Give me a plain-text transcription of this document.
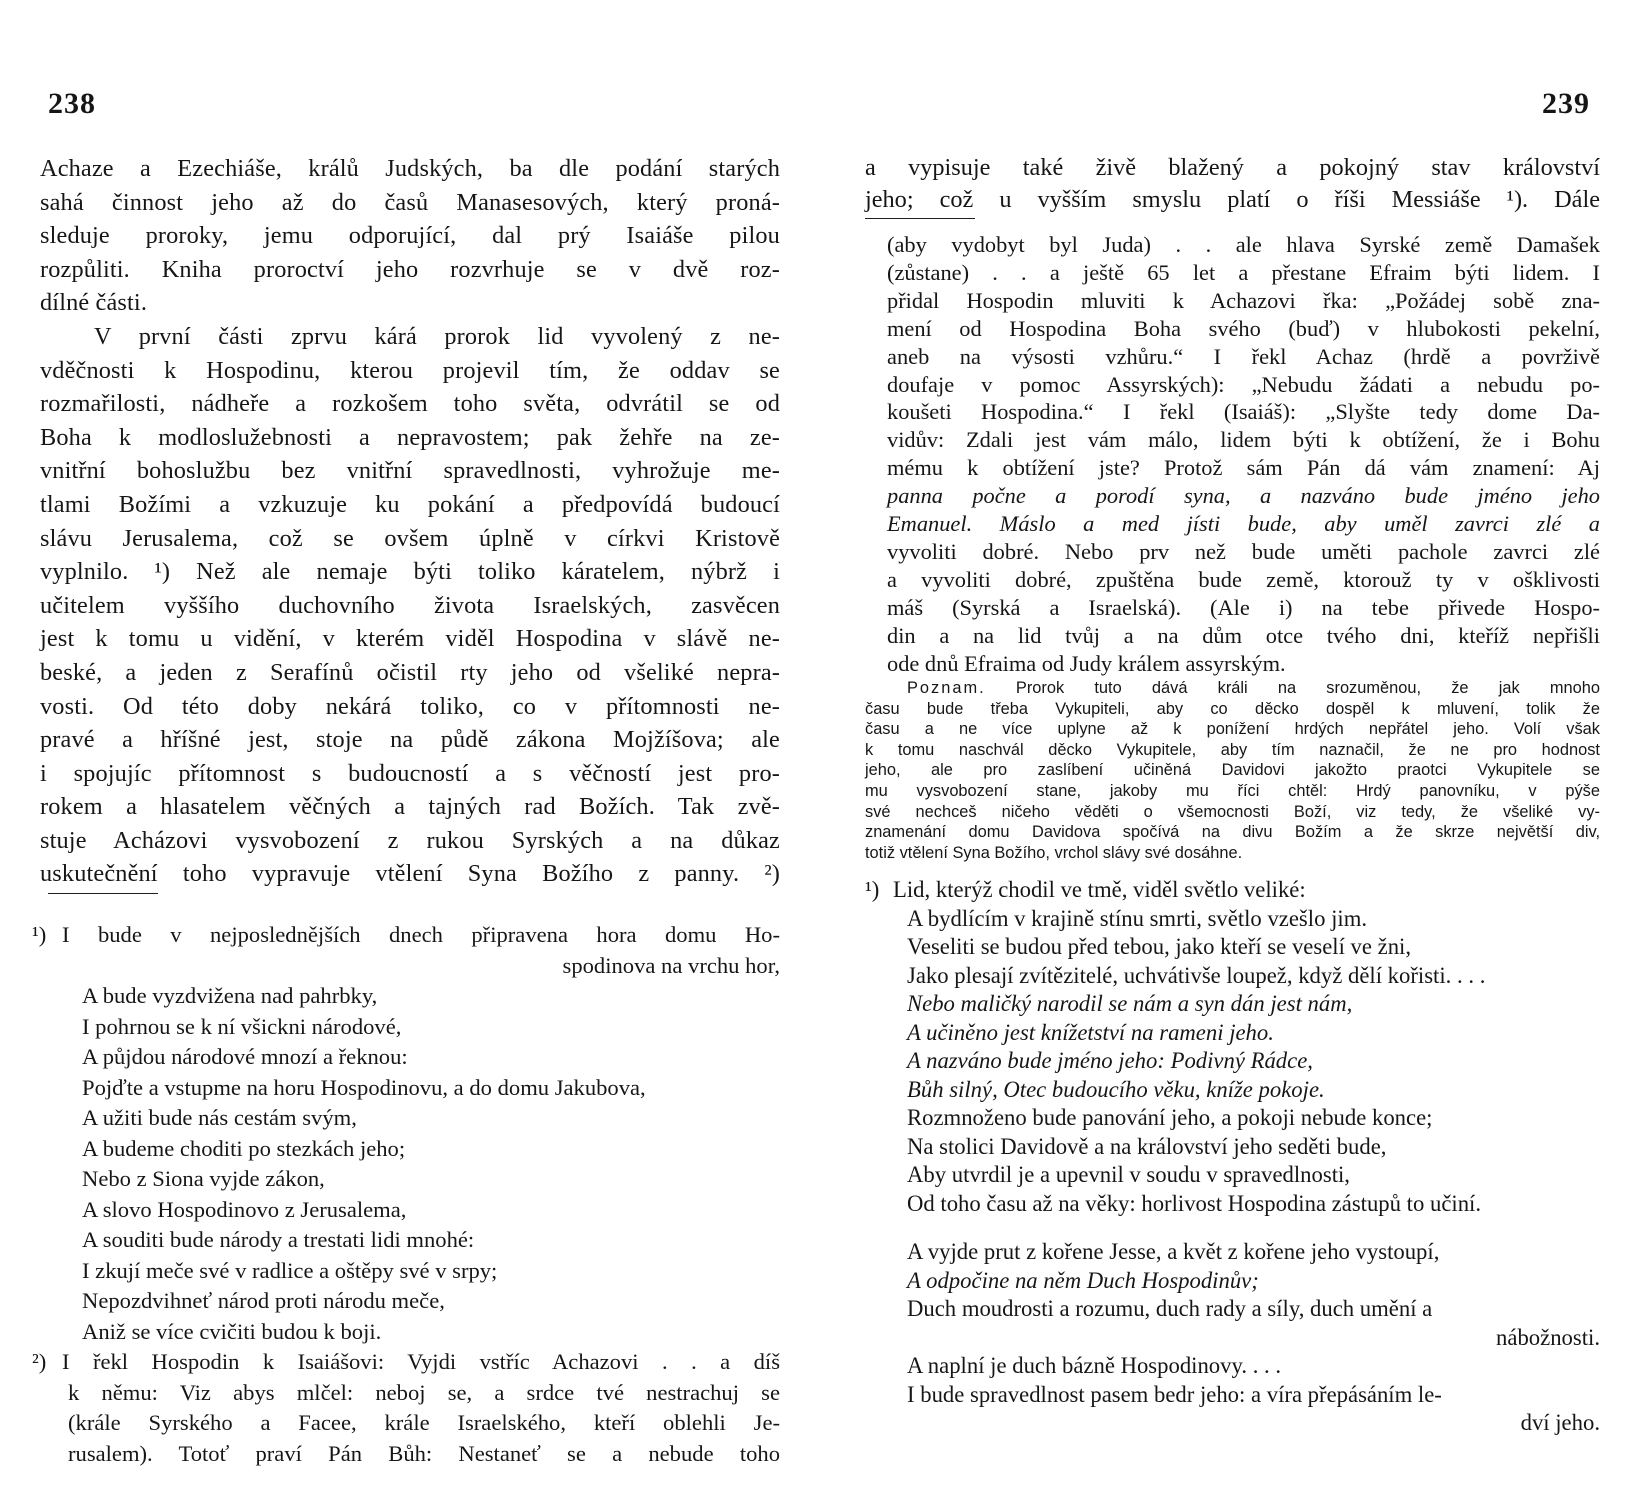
238
Achaze a Ezechiáše, králů Judských, ba dle podání starých
sahá činnost jeho až do časů Manasesových, který proná-
sleduje proroky, jemu odporující, dal prý Isaiáše pilou
rozpůliti. Kniha proroctví jeho rozvrhuje se v dvě roz-
dílné části.
V první části zprvu kárá prorok lid vyvolený z ne-
vděčnosti k Hospodinu, kterou projevil tím, že oddav se
rozmařilosti, nádheře a rozkošem toho světa, odvrátil se od
Boha k modloslužebnosti a nepravostem; pak žehře na ze-
vnitřní bohoslužbu bez vnitřní spravedlnosti, vyhrožuje me-
tlami Božími a vzkuzuje ku pokání a předpovídá budoucí
slávu Jerusalema, což se ovšem úplně v církvi Kristově
vyplnilo. ¹) Než ale nemaje býti toliko káratelem, nýbrž i
učitelem vyššího duchovního života Israelských, zasvěcen
jest k tomu u vidění, v kterém viděl Hospodina v slávě ne-
beské, a jeden z Serafínů očistil rty jeho od všeliké nepra-
vosti. Od této doby nekárá toliko, co v přítomnosti ne-
pravé a hříšné jest, stoje na půdě zákona Mojžíšova; ale
i spojujíc přítomnost s budoucností a s věčností jest pro-
rokem a hlasatelem věčných a tajných rad Božích. Tak zvě-
stuje Acházovi vysvobození z rukou Syrských a na důkaz
uskutečnění toho vypravuje vtělení Syna Božího z panny. ²)
¹) I bude v nejposlednějších dnech připravena hora domu Ho-
spodinova na vrchu hor,
A bude vyzdvižena nad pahrbky,
I pohrnou se k ní všickni národové,
A půjdou národové mnozí a řeknou:
Pojďte a vstupme na horu Hospodinovu, a do domu Jakubova,
A užiti bude nás cestám svým,
A budeme choditi po stezkách jeho;
Nebo z Siona vyjde zákon,
A slovo Hospodinovo z Jerusalema,
A souditi bude národy a trestati lidi mnohé:
I zkují meče své v radlice a oštěpy své v srpy;
Nepozdvihneť národ proti národu meče,
Aniž se více cvičiti budou k boji.
²) I řekl Hospodin k Isaiášovi: Vyjdi vstříc Achazovi . . a díš
k němu: Viz abys mlčel: neboj se, a srdce tvé nestrachuj se
(krále Syrského a Facee, krále Israelského, kteří oblehli Je-
rusalem). Totoť praví Pán Bůh: Nestaneť se a nebude toho
239
a vypisuje také živě blažený a pokojný stav království
jeho; což u vyšším smyslu platí o říši Messiáše ¹). Dále
(aby vydobyt byl Juda) . . ale hlava Syrské země Damašek
(zůstane) . . a ještě 65 let a přestane Efraim býti lidem. I
přidal Hospodin mluviti k Achazovi řka: „Požádej sobě zna-
mení od Hospodina Boha svého (buď) v hlubokosti pekelní,
aneb na výsosti vzhůru.“ I řekl Achaz (hrdě a povrživě
doufaje v pomoc Assyrských): „Nebudu žádati a nebudu po-
koušeti Hospodina.“ I řekl (Isaiáš): „Slyšte tedy dome Da-
vidův: Zdali jest vám málo, lidem býti k obtížení, že i Bohu
mému k obtížení jste? Protož sám Pán dá vám znamení: Aj
panna počne a porodí syna, a nazváno bude jméno jeho
Emanuel. Máslo a med jísti bude, aby uměl zavrci zlé a
vyvoliti dobré. Nebo prv než bude uměti pachole zavrci zlé
a vyvoliti dobré, zpuštěna bude země, ktorouž ty v ošklivosti
máš (Syrská a Israelská). (Ale i) na tebe přivede Hospo-
din a na lid tvůj a na dům otce tvého dni, kteříž nepřišli
ode dnů Efraima od Judy králem assyrským.
Poznam. Prorok tuto dává králi na srozuměnou, že jak mnoho
času bude třeba Vykupiteli, aby co děcko dospěl k mluvení, tolik že
času a ne více uplyne až k ponížení hrdých nepřátel jeho. Volí však
k tomu naschvál děcko Vykupitele, aby tím naznačil, že ne pro hodnost
jeho, ale pro zaslíbení učiněná Davidovi jakožto praotci Vykupitele se
mu vysvobození stane, jakoby mu říci chtěl: Hrdý panovníku, v pýše
své nechceš ničeho věděti o všemocnosti Boží, viz tedy, že všeliké vy-
znamenání domu Davidova spočívá na divu Božím a že skrze největší div,
totiž vtělení Syna Božího, vrchol slávy své dosáhne.
¹) Lid, kterýž chodil ve tmě, viděl světlo veliké:
A bydlícím v krajině stínu smrti, světlo vzešlo jim.
Veseliti se budou před tebou, jako kteří se veselí ve žni,
Jako plesají zvítězitelé, uchvátivše loupež, když dělí kořisti. . . .
Nebo maličký narodil se nám a syn dán jest nám,
A učiněno jest knížetství na rameni jeho.
A nazváno bude jméno jeho: Podivný Rádce,
Bůh silný, Otec budoucího věku, kníže pokoje.
Rozmnoženo bude panování jeho, a pokoji nebude konce;
Na stolici Davidově a na království jeho seděti bude,
Aby utvrdil je a upevnil v soudu v spravedlnosti,
Od toho času až na věky: horlivost Hospodina zástupů to učiní.
A vyjde prut z kořene Jesse, a květ z kořene jeho vystoupí,
A odpočine na něm Duch Hospodinův;
Duch moudrosti a rozumu, duch rady a síly, duch umění a
nábožnosti.
A naplní je duch bázně Hospodinovy. . . .
I bude spravedlnost pasem bedr jeho: a víra přepásáním le-
dví jeho.
